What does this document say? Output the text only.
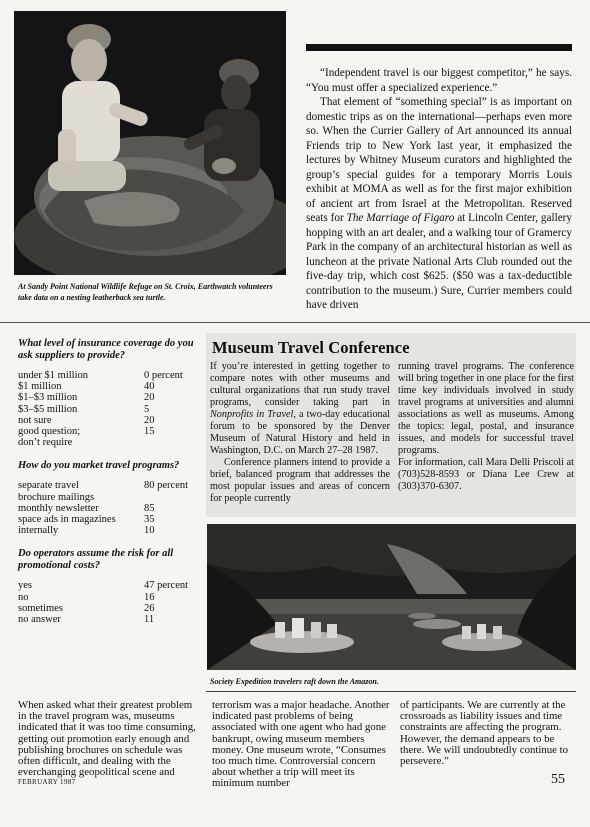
At Sandy Point National Wildlife Refuge on St. Croix, Earthwatch volunteers take data on a nesting leatherback sea turtle.

“Independent travel is our biggest competitor,” he says. “You must offer a specialized experience.”

That element of “something special” is as important on domestic trips as on the international—perhaps even more so. When the Currier Gallery of Art announced its annual Friends trip to New York last year, it emphasized the lectures by Whitney Museum curators and highlighted the group’s special guides for a temporary Morris Louis exhibit at MOMA as well as for the first major exhibition of ancient art from Israel at the Metropolitan. Reserved seats for The Marriage of Figaro at Lincoln Center, gallery hopping with an art dealer, and a walking tour of Gramercy Park in the company of an architectural historian as well as luncheon at the private National Arts Club rounded out the five-day trip, which cost $625. ($50 was a tax-deductible contribution to the museum.) Sure, Currier members could have driven

What level of insurance coverage do you ask suppliers to provide?
under $1 million	0 percent
$1 million	40
$1–$3 million	20
$3–$5 million	5
not sure	20
good question;	15
don’t require
How do you market travel programs?
separate travel	80 percent
brochure mailings
monthly newsletter	85
space ads in magazines	35
internally	10
Do operators assume the risk for all promotional costs?
yes	47 percent
no	16
sometimes	26
no answer	11
Museum Travel Conference

If you’re interested in getting together to compare notes with other museums and cultural organizations that run study travel programs, consider taking part in Nonprofits in Travel, a two-day educational forum to be sponsored by the Denver Museum of Natural History and held in Washington, D.C. on March 27–28 1987.

Conference planners intend to provide a brief, balanced program that addresses the most popular issues and areas of concern for people currently

running travel programs. The conference will bring together in one place for the first time key individuals involved in study travel programs at universities and alumni associations as well as museums. Among the topics: legal, postal, and insurance issues, and models for successful travel programs.

For information, call Mara Delli Priscoli at (703)528-8593 or Diana Lee Crew at (303)370-6307.

Society Expedition travelers raft down the Amazon.

When asked what their greatest problem in the travel program was, museums indicated that it was too time consuming, getting out promotion early enough and publishing brochures on schedule was often difficult, and dealing with the everchanging geopolitical scene and

terrorism was a major headache. Another indicated past problems of being associated with one agent who had gone bankrupt, owing museum members money. One museum wrote, “Consumes too much time. Controversial concern about whether a trip will meet its minimum number

of participants. We are currently at the crossroads as liability issues and time constraints are affecting the program. However, the demand appears to be there. We will undoubtedly continue to persevere.”

FEBRUARY 1987	55
